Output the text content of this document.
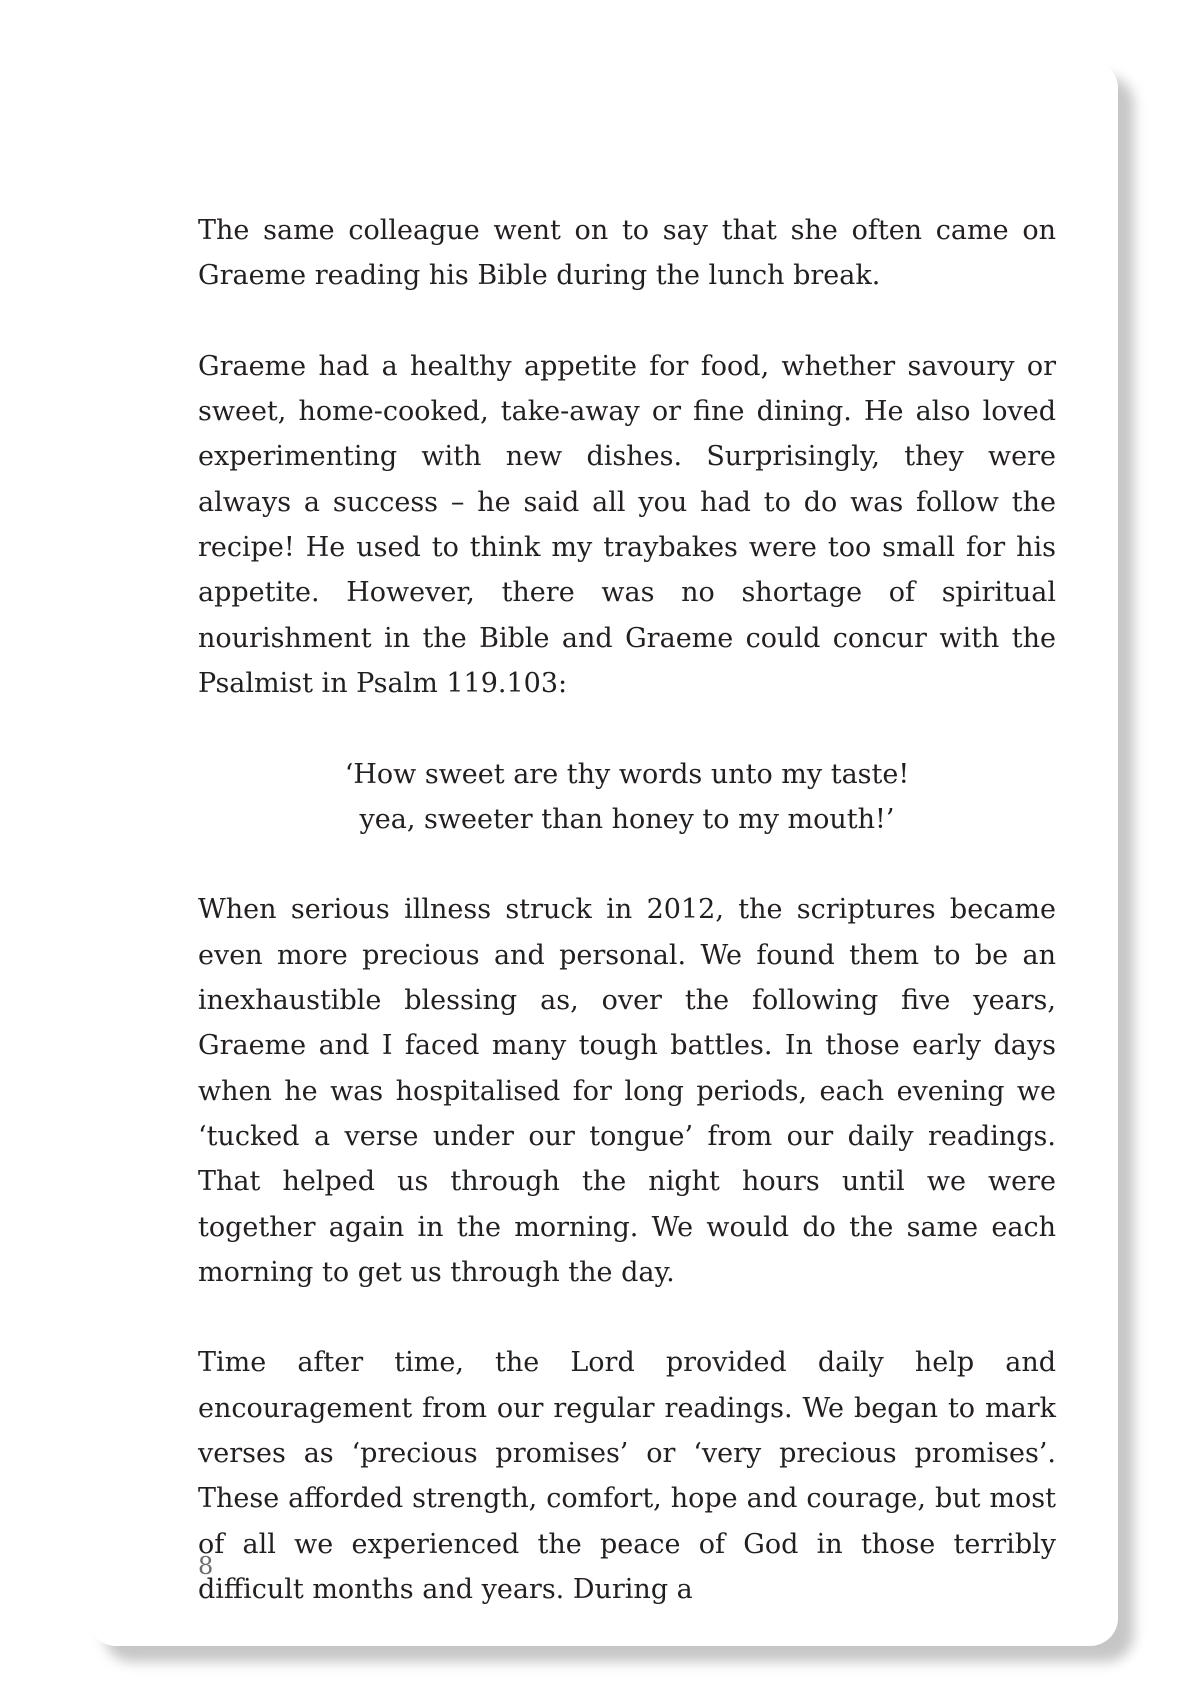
The same colleague went on to say that she often came on Graeme reading his Bible during the lunch break.

Graeme had a healthy appetite for food, whether savoury or sweet, home-cooked, take-away or fine dining. He also loved experimenting with new dishes. Surprisingly, they were always a success – he said all you had to do was follow the recipe! He used to think my traybakes were too small for his appetite. However, there was no shortage of spiritual nourishment in the Bible and Graeme could concur with the Psalmist in Psalm 119.103:

‘How sweet are thy words unto my taste!
yea, sweeter than honey to my mouth!’

When serious illness struck in 2012, the scriptures became even more precious and personal. We found them to be an inexhaustible blessing as, over the following five years, Graeme and I faced many tough battles. In those early days when he was hospitalised for long periods, each evening we ‘tucked a verse under our tongue’ from our daily readings. That helped us through the night hours until we were together again in the morning. We would do the same each morning to get us through the day.

Time after time, the Lord provided daily help and encouragement from our regular readings. We began to mark verses as ‘precious promises’ or ‘very precious promises’. These afforded strength, comfort, hope and courage, but most of all we experienced the peace of God in those terribly difficult months and years. During a

8
